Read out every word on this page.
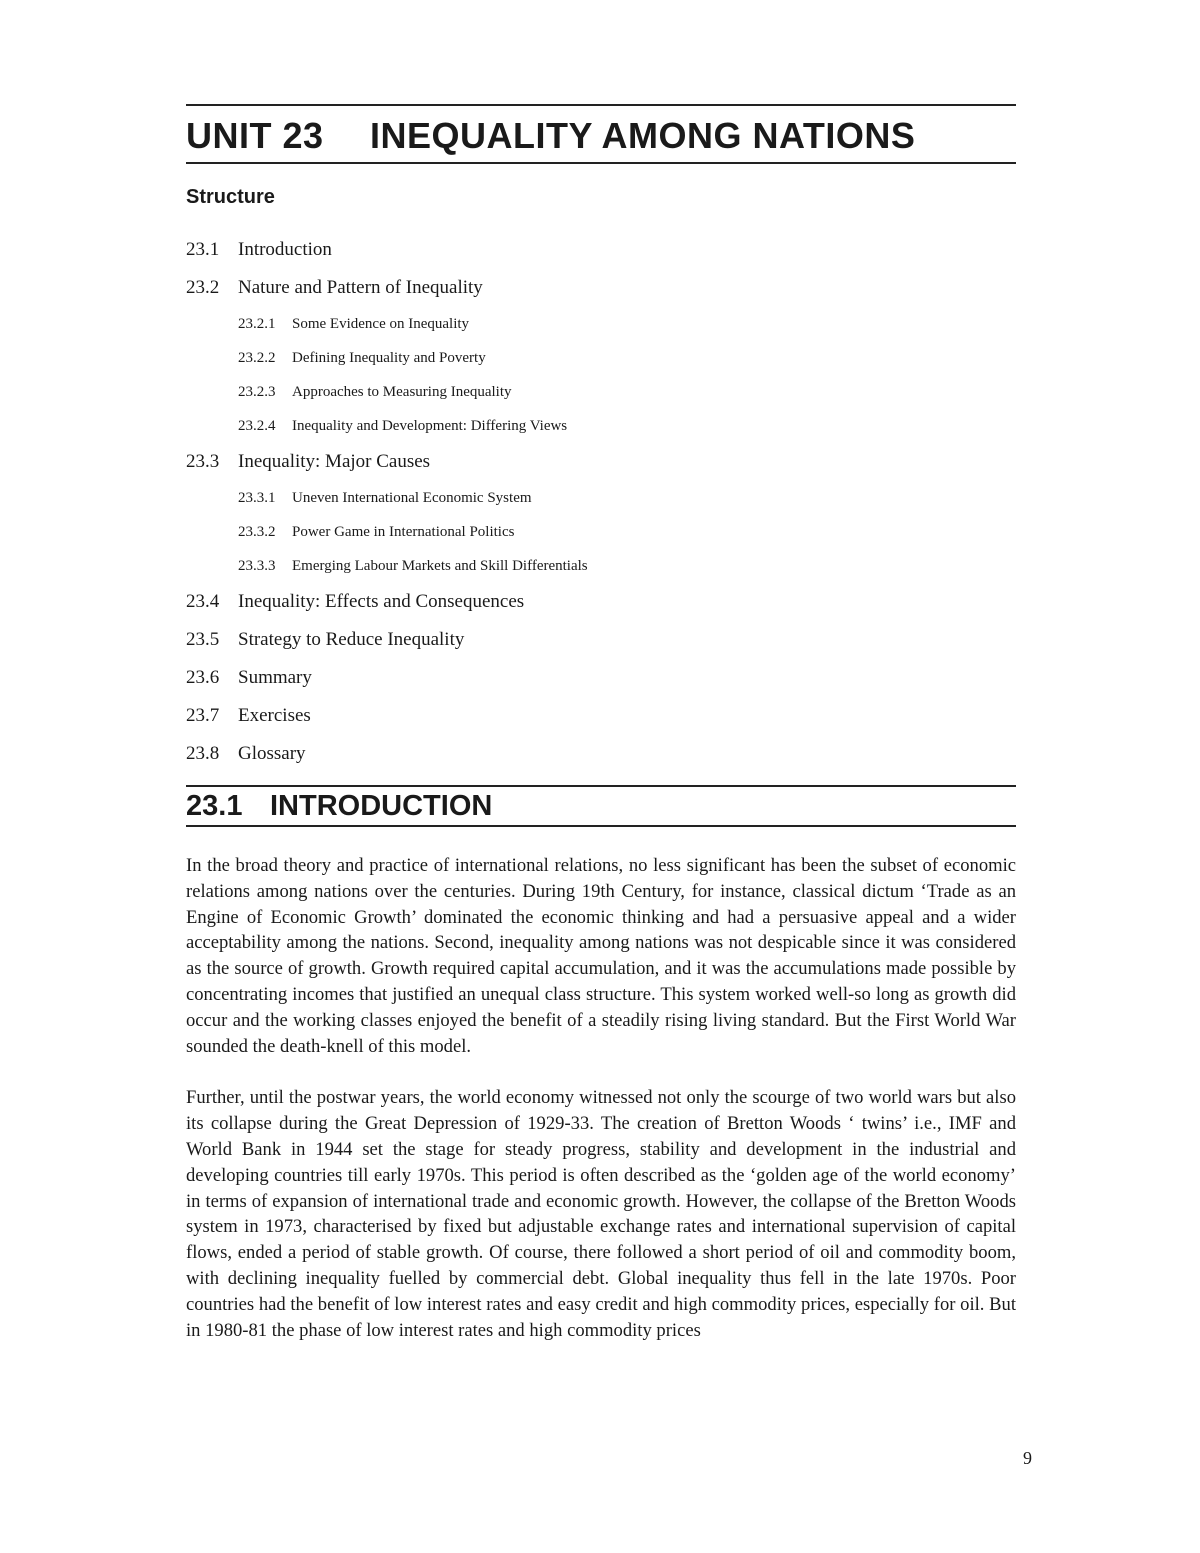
UNIT 23	INEQUALITY AMONG NATIONS
Structure
23.1 Introduction
23.2 Nature and Pattern of Inequality
23.2.1	Some Evidence on Inequality
23.2.2	Defining Inequality and Poverty
23.2.3	Approaches to Measuring Inequality
23.2.4	Inequality and Development: Differing Views
23.3 Inequality: Major Causes
23.3.1	Uneven International Economic System
23.3.2	Power Game in International Politics
23.3.3	Emerging Labour Markets and Skill Differentials
23.4 Inequality: Effects and Consequences
23.5 Strategy to Reduce Inequality
23.6 Summary
23.7 Exercises
23.8 Glossary
23.1 INTRODUCTION

In the broad theory and practice of international relations, no less significant has been the subset of economic relations among nations over the centuries. During 19th Century, for instance, classical dictum ‘Trade as an Engine of Economic Growth’ dominated the economic thinking and had a persuasive appeal and a wider acceptability among the nations. Second, inequality among nations was not despicable since it was considered as the source of growth. Growth required capital accumulation, and it was the accumulations made possible by concentrating incomes that justified an unequal class structure. This system worked well-so long as growth did occur and the working classes enjoyed the benefit of a steadily rising living standard. But the First World War sounded the death-knell of this model.

Further, until the postwar years, the world economy witnessed not only the scourge of two world wars but also its collapse during the Great Depression of 1929-33. The creation of Bretton Woods ‘ twins’ i.e., IMF and World Bank in 1944 set the stage for steady progress, stability and development in the industrial and developing countries till early 1970s. This period is often described as the ‘golden age of the world economy’ in terms of expansion of international trade and economic growth. However, the collapse of the Bretton Woods system in 1973, characterised by fixed but adjustable exchange rates and international supervision of capital flows, ended a period of stable growth. Of course, there followed a short period of oil and commodity boom, with declining inequality fuelled by commercial debt. Global inequality thus fell in the late 1970s. Poor countries had the benefit of low interest rates and easy credit and high commodity prices, especially for oil. But in 1980-81 the phase of low interest rates and high commodity prices

9
